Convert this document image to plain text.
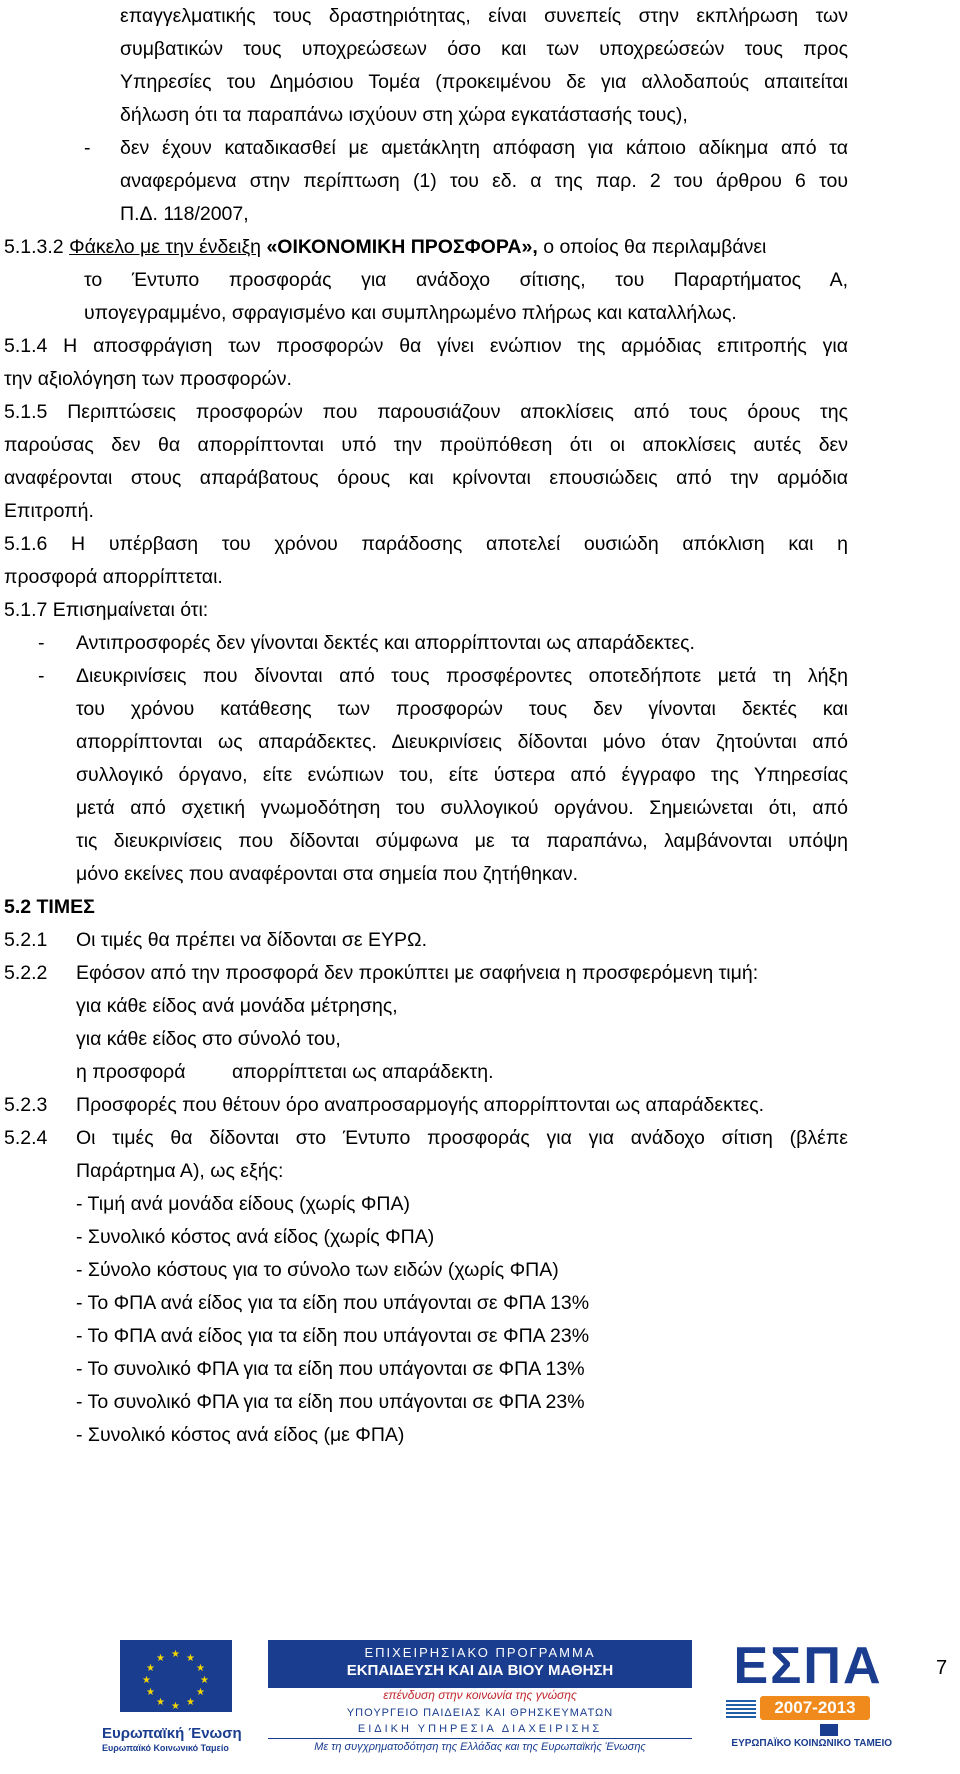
επαγγελματικής τους δραστηριότητας, είναι συνεπείς στην εκπλήρωση των
συμβατικών τους υποχρεώσεων όσο και των υποχρεώσεών τους προς
Υπηρεσίες του Δημόσιου Τομέα (προκειμένου δε για αλλοδαπούς απαιτείται
δήλωση ότι τα παραπάνω ισχύουν στη χώρα εγκατάστασής τους),
- δεν έχουν καταδικασθεί με αμετάκλητη απόφαση για κάποιο αδίκημα από τα
αναφερόμενα στην περίπτωση (1) του εδ. α της παρ. 2 του άρθρου 6 του
Π.Δ. 118/2007,
5.1.3.2 Φάκελο με την ένδειξη «ΟΙΚΟΝΟΜΙΚΗ ΠΡΟΣΦΟΡΑ», ο οποίος θα περιλαμβάνει
το Έντυπο προσφοράς για ανάδοχο σίτισης, του Παραρτήματος Α,
υπογεγραμμένο, σφραγισμένο και συμπληρωμένο πλήρως και καταλλήλως.
5.1.4 Η αποσφράγιση των προσφορών θα γίνει ενώπιον της αρμόδιας επιτροπής για
την αξιολόγηση των προσφορών.
5.1.5 Περιπτώσεις προσφορών που παρουσιάζουν αποκλίσεις από τους όρους της
παρούσας δεν θα απορρίπτονται υπό την προϋπόθεση ότι οι αποκλίσεις αυτές δεν
αναφέρονται στους απαράβατους όρους και κρίνονται επουσιώδεις από την αρμόδια
Επιτροπή.
5.1.6 Η υπέρβαση του χρόνου παράδοσης αποτελεί ουσιώδη απόκλιση και η
προσφορά απορρίπτεται.
5.1.7 Επισημαίνεται ότι:
- Αντιπροσφορές δεν γίνονται δεκτές και απορρίπτονται ως απαράδεκτες.
- Διευκρινίσεις που δίνονται από τους προσφέροντες οποτεδήποτε μετά τη λήξη
του χρόνου κατάθεσης των προσφορών τους δεν γίνονται δεκτές και
απορρίπτονται ως απαράδεκτες. Διευκρινίσεις δίδονται μόνο όταν ζητούνται από
συλλογικό όργανο, είτε ενώπιων του, είτε ύστερα από έγγραφο της Υπηρεσίας
μετά από σχετική γνωμοδότηση του συλλογικού οργάνου. Σημειώνεται ότι, από
τις διευκρινίσεις που δίδονται σύμφωνα με τα παραπάνω, λαμβάνονται υπόψη
μόνο εκείνες που αναφέρονται στα σημεία που ζητήθηκαν.
5.2 ΤΙΜΕΣ
5.2.1 Οι τιμές θα πρέπει να δίδονται σε ΕΥΡΩ.
5.2.2 Εφόσον από την προσφορά δεν προκύπτει με σαφήνεια η προσφερόμενη τιμή:
για κάθε είδος ανά μονάδα μέτρησης,
για κάθε είδος στο σύνολό του,
η προσφορά απορρίπτεται ως απαράδεκτη.
5.2.3 Προσφορές που θέτουν όρο αναπροσαρμογής απορρίπτονται ως απαράδεκτες.
5.2.4 Οι τιμές θα δίδονται στο Έντυπο προσφοράς για για ανάδοχο σίτιση (βλέπε
Παράρτημα Α), ως εξής:
- Τιμή ανά μονάδα είδους (χωρίς ΦΠΑ)
- Συνολικό κόστος ανά είδος (χωρίς ΦΠΑ)
- Σύνολο κόστους για το σύνολο των ειδών (χωρίς ΦΠΑ)
- Το ΦΠΑ ανά είδος για τα είδη που υπάγονται σε ΦΠΑ 13%
- Το ΦΠΑ ανά είδος για τα είδη που υπάγονται σε ΦΠΑ 23%
- Το συνολικό ΦΠΑ για τα είδη που υπάγονται σε ΦΠΑ 13%
- Το συνολικό ΦΠΑ για τα είδη που υπάγονται σε ΦΠΑ 23%
- Συνολικό κόστος ανά είδος (με ΦΠΑ)
★ ★
★
★
★
★
★
★
★
★
★
★
Ευρωπαϊκή Ένωση
Ευρωπαϊκό Κοινωνικό Ταμείο
ΕΠΙΧΕΙΡΗΣΙΑΚΟ ΠΡΟΓΡΑΜΜΑ
ΕΚΠΑΙΔΕΥΣΗ ΚΑΙ ΔΙΑ ΒΙΟΥ ΜΑΘΗΣΗ
επένδυση στην κοινωνία της γνώσης
ΥΠΟΥΡΓΕΙΟ ΠΑΙΔΕΙΑΣ ΚΑΙ ΘΡΗΣΚΕΥΜΑΤΩΝ
ΕΙΔΙΚΗ ΥΠΗΡΕΣΙΑ ΔΙΑΧΕΙΡΙΣΗΣ
Με τη συγχρηματοδότηση της Ελλάδας και της Ευρωπαϊκής Ένωσης
ΕΣΠΑ
2007-2013
ΕΥΡΩΠΑΪΚΟ ΚΟΙΝΩΝΙΚΟ ΤΑΜΕΙΟ
7
